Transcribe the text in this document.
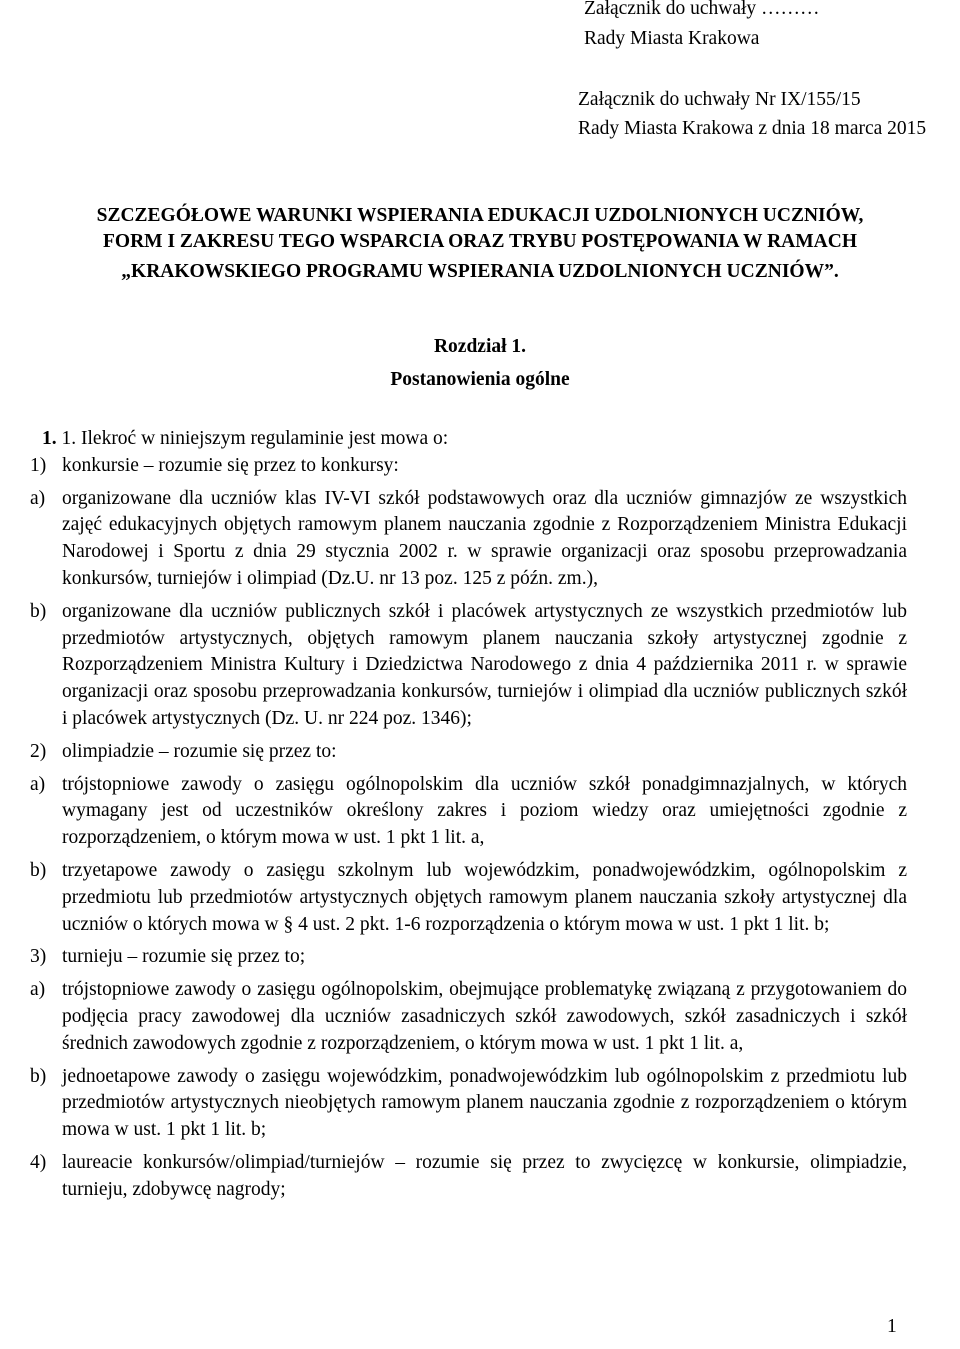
Załącznik do uchwały ………
Rady Miasta Krakowa
Załącznik do uchwały Nr IX/155/15
Rady Miasta Krakowa z dnia 18 marca 2015
SZCZEGÓŁOWE WARUNKI WSPIERANIA EDUKACJI UZDOLNIONYCH UCZNIÓW,
FORM I ZAKRESU TEGO WSPARCIA ORAZ TRYBU POSTĘPOWANIA W RAMACH
„KRAKOWSKIEGO PROGRAMU WSPIERANIA UZDOLNIONYCH UCZNIÓW”.
Rozdział 1.
Postanowienia ogólne
1. 1. Ilekroć w niniejszym regulaminie jest mowa o:
1) konkursie – rozumie się przez to konkursy:
a) organizowane dla uczniów klas IV-VI szkół podstawowych oraz dla uczniów gimnazjów ze wszystkich zajęć edukacyjnych objętych ramowym planem nauczania zgodnie z Rozporządzeniem Ministra Edukacji Narodowej i Sportu z dnia 29 stycznia 2002 r. w sprawie organizacji oraz sposobu przeprowadzania konkursów, turniejów i olimpiad (Dz.U. nr 13 poz. 125 z późn. zm.),
b) organizowane dla uczniów publicznych szkół i placówek artystycznych ze wszystkich przedmiotów lub przedmiotów artystycznych, objętych ramowym planem nauczania szkoły artystycznej zgodnie z Rozporządzeniem Ministra Kultury i Dziedzictwa Narodowego z dnia 4 października 2011 r. w sprawie organizacji oraz sposobu przeprowadzania konkursów, turniejów i olimpiad dla uczniów publicznych szkół i placówek artystycznych (Dz. U. nr 224 poz. 1346);
2) olimpiadzie – rozumie się przez to:
a) trójstopniowe zawody o zasięgu ogólnopolskim dla uczniów szkół ponadgimnazjalnych, w których wymagany jest od uczestników określony zakres i poziom wiedzy oraz umiejętności zgodnie z rozporządzeniem, o którym mowa w ust. 1 pkt 1 lit. a,
b) trzyetapowe zawody o zasięgu szkolnym lub wojewódzkim, ponadwojewódzkim, ogólnopolskim z przedmiotu lub przedmiotów artystycznych objętych ramowym planem nauczania szkoły artystycznej dla uczniów o których mowa w § 4 ust. 2 pkt. 1-6 rozporządzenia o którym mowa w ust. 1 pkt 1 lit. b;
3) turnieju – rozumie się przez to;
a) trójstopniowe zawody o zasięgu ogólnopolskim, obejmujące problematykę związaną z przygotowaniem do podjęcia pracy zawodowej dla uczniów zasadniczych szkół zawodowych, szkół zasadniczych i szkół średnich zawodowych zgodnie z rozporządzeniem, o którym mowa w ust. 1 pkt 1 lit. a,
b) jednoetapowe zawody o zasięgu wojewódzkim, ponadwojewódzkim lub ogólnopolskim z przedmiotu lub przedmiotów artystycznych nieobjętych ramowym planem nauczania zgodnie z rozporządzeniem o którym mowa w ust. 1 pkt 1 lit. b;
4) laureacie konkursów/olimpiad/turniejów – rozumie się przez to zwycięzcę w konkursie, olimpiadzie, turnieju, zdobywcę nagrody;
1
